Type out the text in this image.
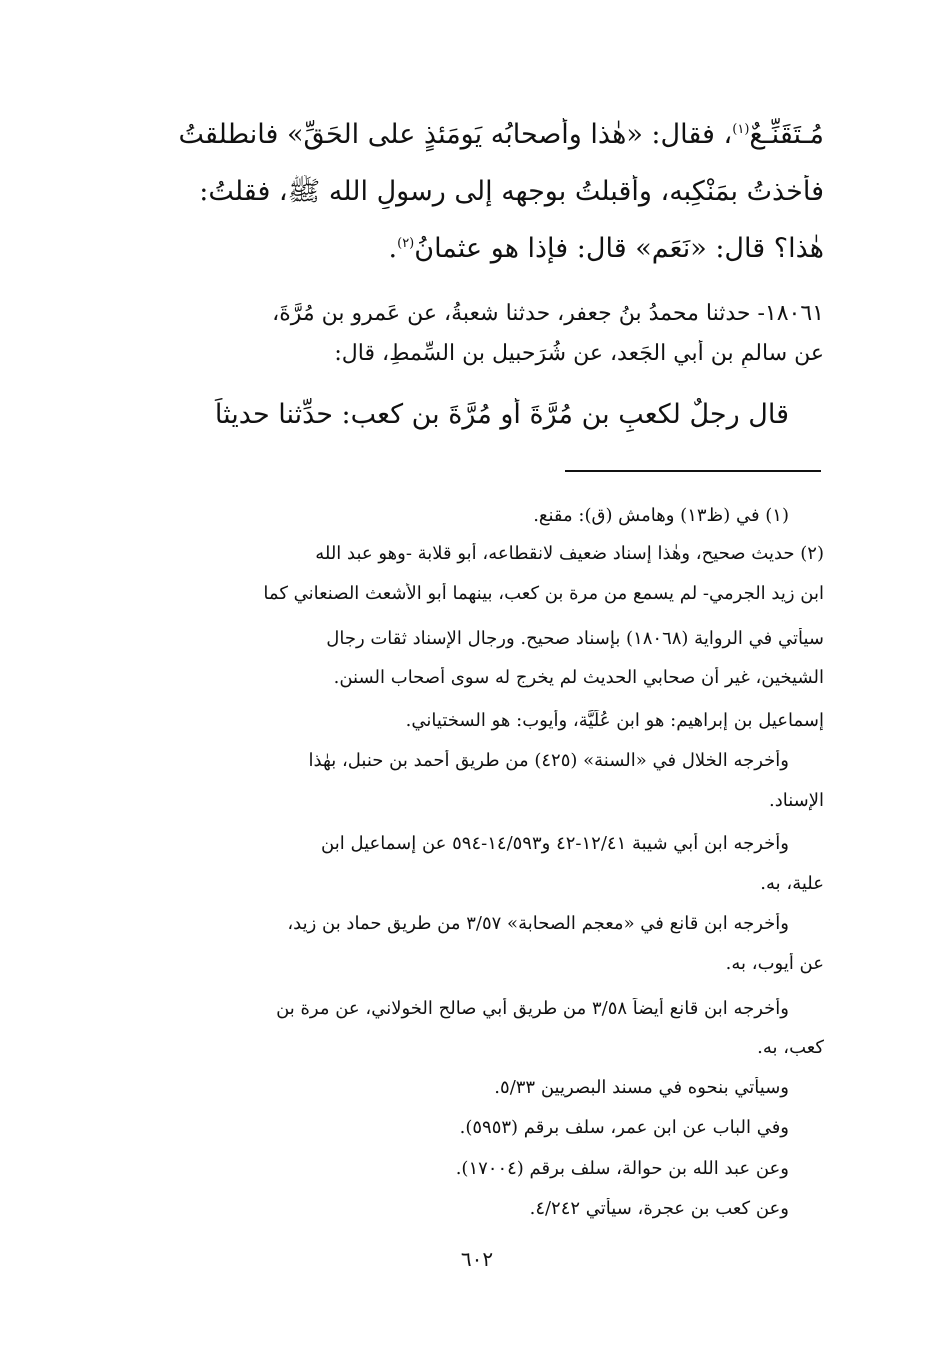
مُـتَقَنِّـعٌ$^{(١)}$، فقال: «هٰذا وأَصحابُه يَومَئذٍ على الحَقِّ» فانطلقتُ
فأخذتُ بمَنْكِبه، وأَقبلتُ بوجهه إلى رسولِ الله ﷺ، فقلتُ:
هٰذا؟ قال: «نَعَم» قال: فإذا هو عثمانُ$^{(٢)}$.
١٨٠٦١- حدثنا محمدُ بنُ جعفر، حدثنا شعبةُ، عن عَمرو بن مُرَّةَ،
عن سالمِ بن أبي الجَعد، عن شُرَحبيل بن السِّمطِ، قال:
قال رجلٌ لكعبِ بن مُرَّةَ أَو مُرَّةَ بن كعب: حدِّثنا حديثاً
(١) في (ظ١٣) وهامش (ق): مقنع.
(٢) حديث صحيح، وهٰذا إسناد ضعيف لانقطاعه، أبو قلابة -وهو عبد الله
ابن زيد الجرمي- لم يسمع من مرة بن كعب، بينهما أبو الأشعث الصنعاني كما
سيأتي في الرواية (١٨٠٦٨) بإسناد صحيح. ورجال الإسناد ثقات رجال
الشيخين، غير أن صحابي الحديث لم يخرج له سوى أصحاب السنن.
إسماعيل بن إبراهيم: هو ابن عُلَيَّة، وأيوب: هو السختياني.
وأخرجه الخلال في «السنة» (٤٢٥) من طريق أحمد بن حنبل، بهٰذا
الإسناد.
وأخرجه ابن أبي شيبة ١٢/٤١-٤٢ و١٤/٥٩٣-٥٩٤ عن إسماعيل ابن
علية، به.
وأخرجه ابن قانع في «معجم الصحابة» ٣/٥٧ من طريق حماد بن زيد،
عن أيوب، به.
وأخرجه ابن قانع أيضاً ٣/٥٨ من طريق أبي صالح الخولاني، عن مرة بن
كعب، به.
وسيأتي بنحوه في مسند البصريين ٥/٣٣.
وفي الباب عن ابن عمر، سلف برقم (٥٩٥٣).
وعن عبد الله بن حوالة، سلف برقم (١٧٠٠٤).
وعن كعب بن عجرة، سيأتي ٤/٢٤٢.
٦٠٢
